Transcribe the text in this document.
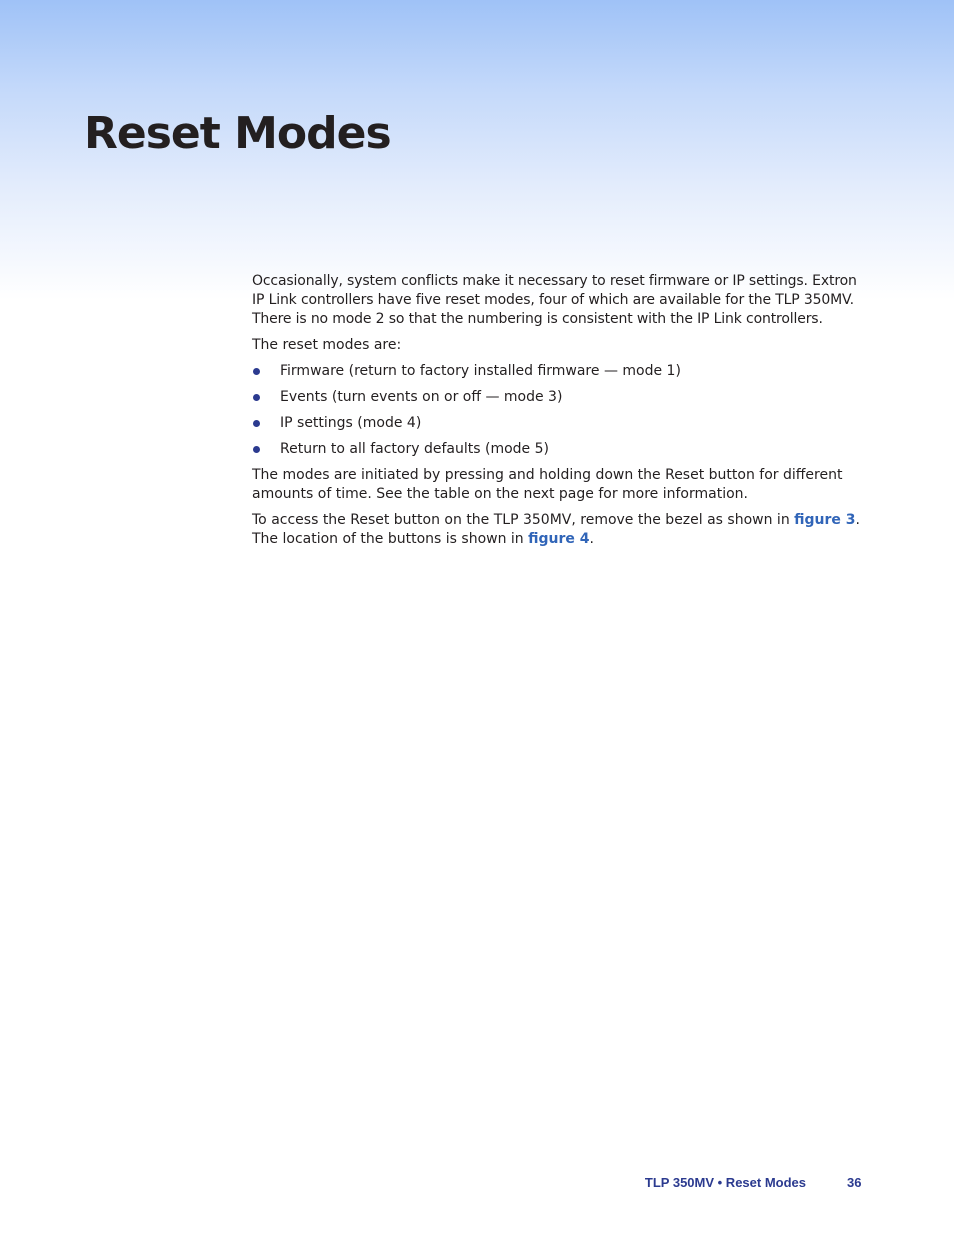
Reset Modes

Occasionally, system conflicts make it necessary to reset firmware or IP settings. Extron IP Link controllers have five reset modes, four of which are available for the TLP 350MV. There is no mode 2 so that the numbering is consistent with the IP Link controllers.

The reset modes are:

Firmware (return to factory installed firmware — mode 1)
Events (turn events on or off — mode 3)
IP settings (mode 4)
Return to all factory defaults (mode 5)

The modes are initiated by pressing and holding down the Reset button for different amounts of time. See the table on the next page for more information.

To access the Reset button on the TLP 350MV, remove the bezel as shown in figure 3. The location of the buttons is shown in figure 4.

TLP 350MV • Reset Modes	36
